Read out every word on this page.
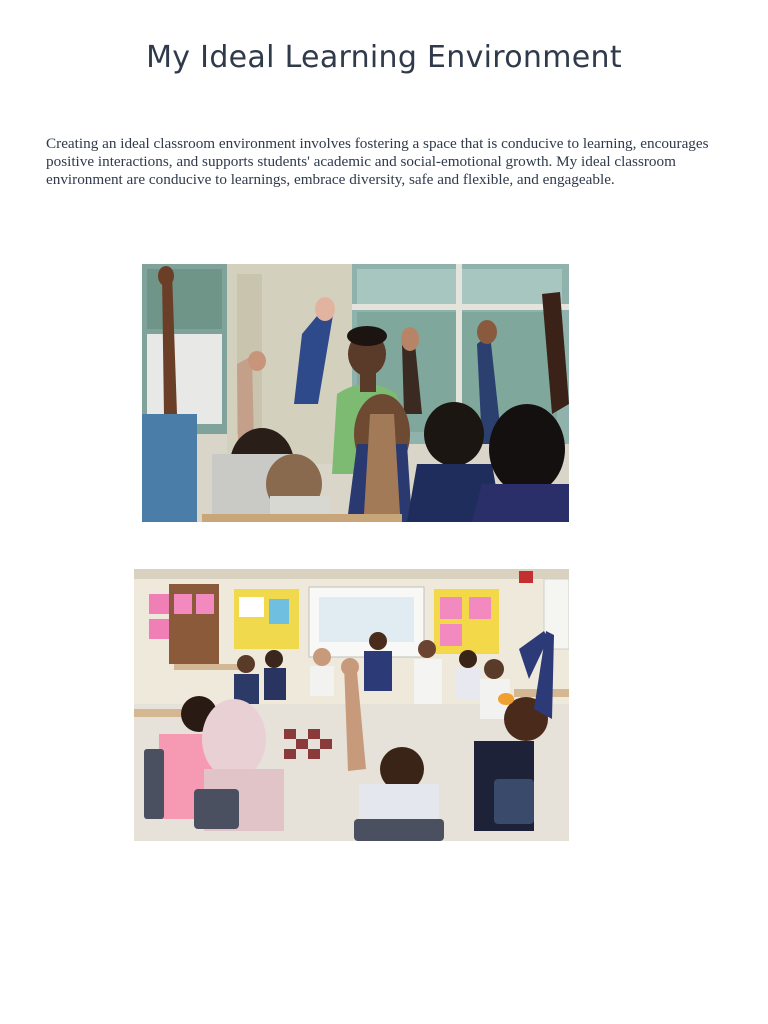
My Ideal Learning Environment

Creating an ideal classroom environment involves fostering a space that is conducive to learning, encourages positive interactions, and supports students' academic and social-emotional growth. My ideal classroom environment are conducive to learnings, embrace diversity, safe and flexible, and engageable.
